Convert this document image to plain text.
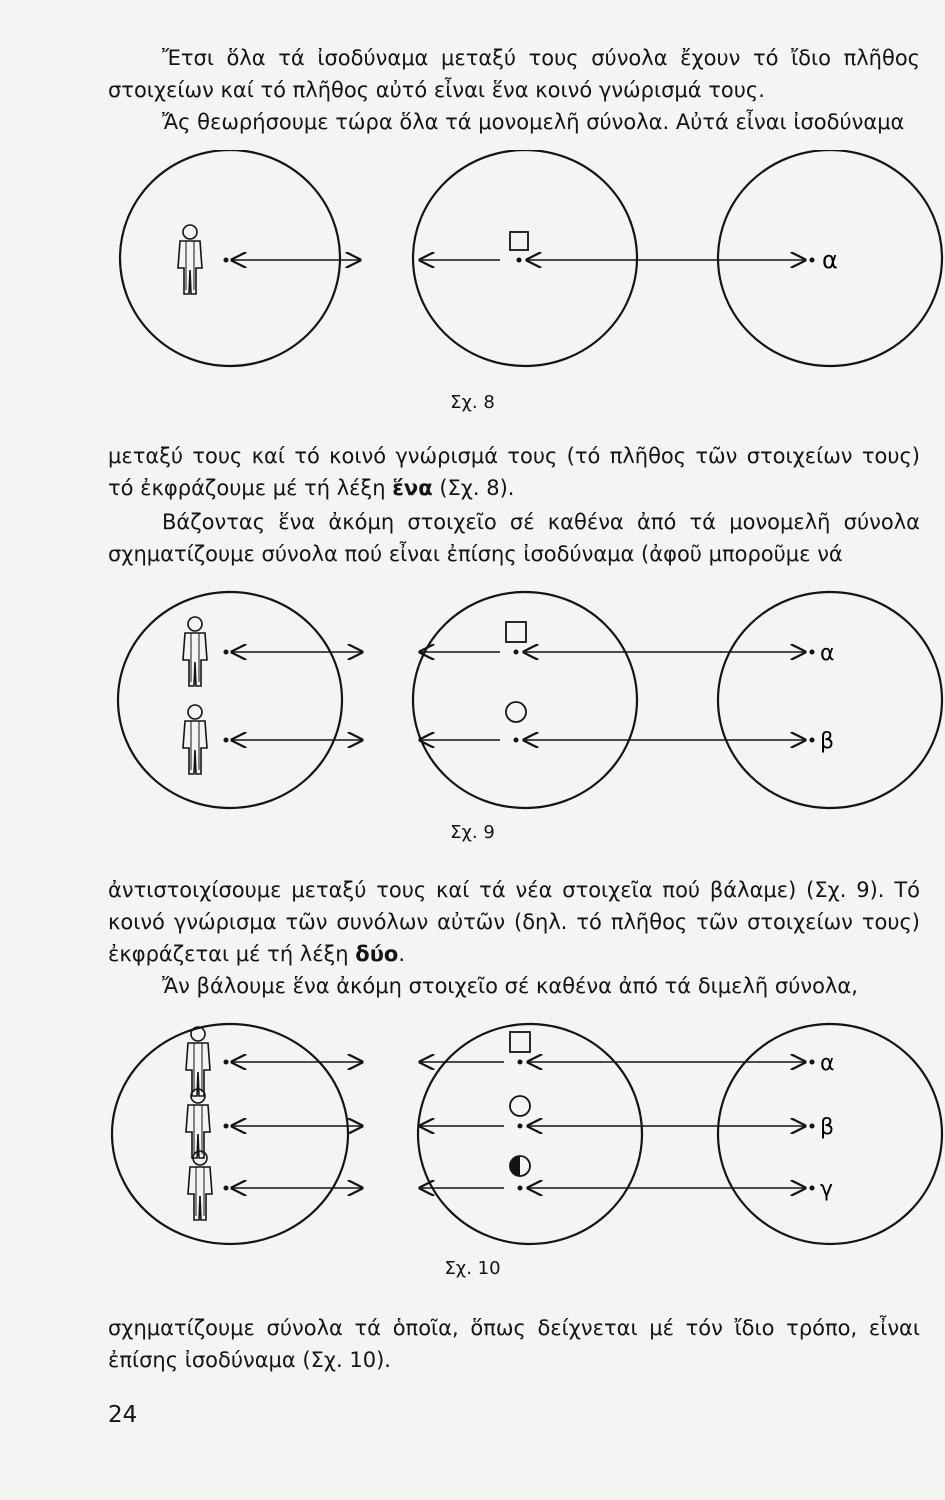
Ἔτσι ὅλα τά ἰσοδύναμα μεταξύ τους σύνολα ἔχουν τό ἴδιο πλῆθος στοιχείων καί τό πλῆθος αὐτό εἶναι ἕνα κοινό γνώρισμά τους.

Ἄς θεωρήσουμε τώρα ὅλα τά μονομελῆ σύνολα. Αὐτά εἶναι ἰσοδύναμα

α
Σχ. 8

μεταξύ τους καί τό κοινό γνώρισμά τους (τό πλῆθος τῶν στοιχείων τους) τό ἐκφράζουμε μέ τή λέξη ἕνα (Σχ. 8).

Βάζοντας ἕνα ἀκόμη στοιχεῖο σέ καθένα ἀπό τά μονομελῆ σύνολα σχηματίζουμε σύνολα πού εἶναι ἐπίσης ἰσοδύναμα (ἀφοῦ μποροῦμε νά

α
β
Σχ. 9

ἀντιστοιχίσουμε μεταξύ τους καί τά νέα στοιχεῖα πού βάλαμε) (Σχ. 9). Τό κοινό γνώρισμα τῶν συνόλων αὐτῶν (δηλ. τό πλῆθος τῶν στοιχείων τους) ἐκφράζεται μέ τή λέξη δύο.

Ἄν βάλουμε ἕνα ἀκόμη στοιχεῖο σέ καθένα ἀπό τά διμελῆ σύνολα,

α
β
γ
Σχ. 10

σχηματίζουμε σύνολα τά ὁποῖα, ὅπως δείχνεται μέ τόν ἴδιο τρόπο, εἶναι ἐπίσης ἰσοδύναμα (Σχ. 10).

24
